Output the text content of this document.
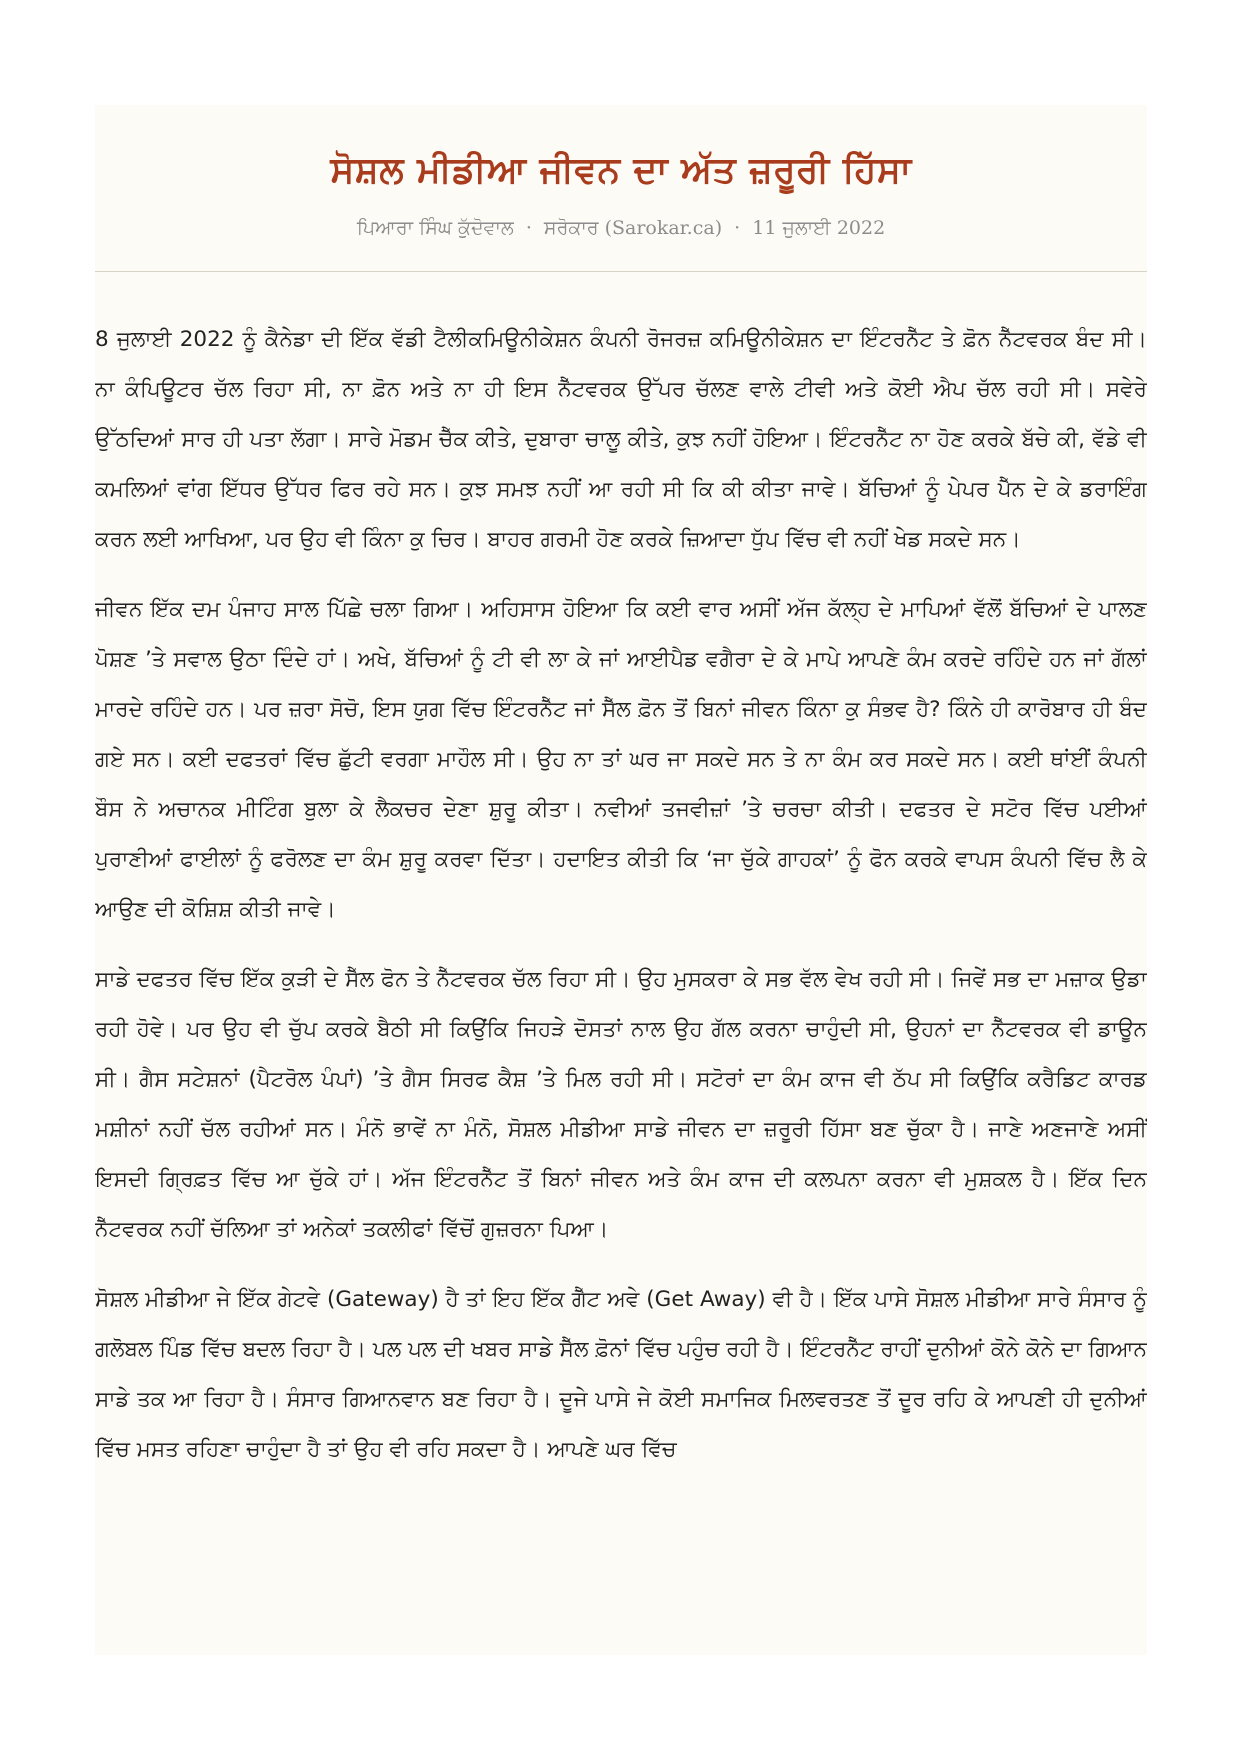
ਸੋਸ਼ਲ ਮੀਡੀਆ ਜੀਵਨ ਦਾ ਅੱਤ ਜ਼ਰੂਰੀ ਹਿੱਸਾ
ਪਿਆਰਾ ਸਿੰਘ ਕੁੱਦੋਵਾਲ · ਸਰੋਕਾਰ (Sarokar.ca) · 11 ਜੁਲਾਈ 2022

8 ਜੁਲਾਈ 2022 ਨੂੰ ਕੈਨੇਡਾ ਦੀ ਇੱਕ ਵੱਡੀ ਟੈਲੀਕਮਿਊਨੀਕੇਸ਼ਨ ਕੰਪਨੀ ਰੋਜਰਜ਼ ਕਮਿਊਨੀਕੇਸ਼ਨ ਦਾ ਇੰਟਰਨੈੱਟ ਤੇ ਫ਼ੋਨ ਨੈੱਟਵਰਕ ਬੰਦ ਸੀ। ਨਾ ਕੰਪਿਊਟਰ ਚੱਲ ਰਿਹਾ ਸੀ, ਨਾ ਫ਼ੋਨ ਅਤੇ ਨਾ ਹੀ ਇਸ ਨੈੱਟਵਰਕ ਉੱਪਰ ਚੱਲਣ ਵਾਲੇ ਟੀਵੀ ਅਤੇ ਕੋਈ ਐਪ ਚੱਲ ਰਹੀ ਸੀ। ਸਵੇਰੇ ਉੱਠਦਿਆਂ ਸਾਰ ਹੀ ਪਤਾ ਲੱਗਾ। ਸਾਰੇ ਮੋਡਮ ਚੈੱਕ ਕੀਤੇ, ਦੁਬਾਰਾ ਚਾਲੂ ਕੀਤੇ, ਕੁਝ ਨਹੀਂ ਹੋਇਆ। ਇੰਟਰਨੈੱਟ ਨਾ ਹੋਣ ਕਰਕੇ ਬੱਚੇ ਕੀ, ਵੱਡੇ ਵੀ ਕਮਲਿਆਂ ਵਾਂਗ ਇੱਧਰ ਉੱਧਰ ਫਿਰ ਰਹੇ ਸਨ। ਕੁਝ ਸਮਝ ਨਹੀਂ ਆ ਰਹੀ ਸੀ ਕਿ ਕੀ ਕੀਤਾ ਜਾਵੇ। ਬੱਚਿਆਂ ਨੂੰ ਪੇਪਰ ਪੈੱਨ ਦੇ ਕੇ ਡਰਾਇੰਗ ਕਰਨ ਲਈ ਆਖਿਆ, ਪਰ ਉਹ ਵੀ ਕਿੰਨਾ ਕੁ ਚਿਰ। ਬਾਹਰ ਗਰਮੀ ਹੋਣ ਕਰਕੇ ਜ਼ਿਆਦਾ ਧੁੱਪ ਵਿੱਚ ਵੀ ਨਹੀਂ ਖੇਡ ਸਕਦੇ ਸਨ।

ਜੀਵਨ ਇੱਕ ਦਮ ਪੰਜਾਹ ਸਾਲ ਪਿੱਛੇ ਚਲਾ ਗਿਆ। ਅਹਿਸਾਸ ਹੋਇਆ ਕਿ ਕਈ ਵਾਰ ਅਸੀਂ ਅੱਜ ਕੱਲ੍ਹ ਦੇ ਮਾਪਿਆਂ ਵੱਲੋਂ ਬੱਚਿਆਂ ਦੇ ਪਾਲਣ ਪੋਸ਼ਣ ’ਤੇ ਸਵਾਲ ਉਠਾ ਦਿੰਦੇ ਹਾਂ। ਅਖੇ, ਬੱਚਿਆਂ ਨੂੰ ਟੀ ਵੀ ਲਾ ਕੇ ਜਾਂ ਆਈਪੈਡ ਵਗੈਰਾ ਦੇ ਕੇ ਮਾਪੇ ਆਪਣੇ ਕੰਮ ਕਰਦੇ ਰਹਿੰਦੇ ਹਨ ਜਾਂ ਗੱਲਾਂ ਮਾਰਦੇ ਰਹਿੰਦੇ ਹਨ। ਪਰ ਜ਼ਰਾ ਸੋਚੋ, ਇਸ ਯੁਗ ਵਿੱਚ ਇੰਟਰਨੈੱਟ ਜਾਂ ਸੈੱਲ ਫ਼ੋਨ ਤੋਂ ਬਿਨਾਂ ਜੀਵਨ ਕਿੰਨਾ ਕੁ ਸੰਭਵ ਹੈ? ਕਿੰਨੇ ਹੀ ਕਾਰੋਬਾਰ ਹੀ ਬੰਦ ਗਏ ਸਨ। ਕਈ ਦਫਤਰਾਂ ਵਿੱਚ ਛੁੱਟੀ ਵਰਗਾ ਮਾਹੌਲ ਸੀ। ਉਹ ਨਾ ਤਾਂ ਘਰ ਜਾ ਸਕਦੇ ਸਨ ਤੇ ਨਾ ਕੰਮ ਕਰ ਸਕਦੇ ਸਨ। ਕਈ ਥਾਂਈਂ ਕੰਪਨੀ ਬੌਸ ਨੇ ਅਚਾਨਕ ਮੀਟਿੰਗ ਬੁਲਾ ਕੇ ਲੈਕਚਰ ਦੇਣਾ ਸ਼ੁਰੂ ਕੀਤਾ। ਨਵੀਆਂ ਤਜਵੀਜ਼ਾਂ ’ਤੇ ਚਰਚਾ ਕੀਤੀ। ਦਫਤਰ ਦੇ ਸਟੋਰ ਵਿੱਚ ਪਈਆਂ ਪੁਰਾਣੀਆਂ ਫਾਈਲਾਂ ਨੂੰ ਫਰੋਲਣ ਦਾ ਕੰਮ ਸ਼ੁਰੂ ਕਰਵਾ ਦਿੱਤਾ। ਹਦਾਇਤ ਕੀਤੀ ਕਿ ‘ਜਾ ਚੁੱਕੇ ਗਾਹਕਾਂ’ ਨੂੰ ਫੋਨ ਕਰਕੇ ਵਾਪਸ ਕੰਪਨੀ ਵਿੱਚ ਲੈ ਕੇ ਆਉਣ ਦੀ ਕੋਸ਼ਿਸ਼ ਕੀਤੀ ਜਾਵੇ।

ਸਾਡੇ ਦਫਤਰ ਵਿੱਚ ਇੱਕ ਕੁੜੀ ਦੇ ਸੈੱਲ ਫੋਨ ਤੇ ਨੈੱਟਵਰਕ ਚੱਲ ਰਿਹਾ ਸੀ। ਉਹ ਮੁਸਕਰਾ ਕੇ ਸਭ ਵੱਲ ਵੇਖ ਰਹੀ ਸੀ। ਜਿਵੇਂ ਸਭ ਦਾ ਮਜ਼ਾਕ ਉਡਾ ਰਹੀ ਹੋਵੇ। ਪਰ ਉਹ ਵੀ ਚੁੱਪ ਕਰਕੇ ਬੈਠੀ ਸੀ ਕਿਉਂਕਿ ਜਿਹੜੇ ਦੋਸਤਾਂ ਨਾਲ ਉਹ ਗੱਲ ਕਰਨਾ ਚਾਹੁੰਦੀ ਸੀ, ਉਹਨਾਂ ਦਾ ਨੈੱਟਵਰਕ ਵੀ ਡਾਊਨ ਸੀ। ਗੈਸ ਸਟੇਸ਼ਨਾਂ (ਪੈਟਰੋਲ ਪੰਪਾਂ) ’ਤੇ ਗੈਸ ਸਿਰਫ ਕੈਸ਼ ’ਤੇ ਮਿਲ ਰਹੀ ਸੀ। ਸਟੋਰਾਂ ਦਾ ਕੰਮ ਕਾਜ ਵੀ ਠੱਪ ਸੀ ਕਿਉਂਕਿ ਕਰੈਡਿਟ ਕਾਰਡ ਮਸ਼ੀਨਾਂ ਨਹੀਂ ਚੱਲ ਰਹੀਆਂ ਸਨ। ਮੰਨੋ ਭਾਵੇਂ ਨਾ ਮੰਨੋ, ਸੋਸ਼ਲ ਮੀਡੀਆ ਸਾਡੇ ਜੀਵਨ ਦਾ ਜ਼ਰੂਰੀ ਹਿੱਸਾ ਬਣ ਚੁੱਕਾ ਹੈ। ਜਾਣੇ ਅਣਜਾਣੇ ਅਸੀਂ ਇਸਦੀ ਗ੍ਰਿਫ਼ਤ ਵਿੱਚ ਆ ਚੁੱਕੇ ਹਾਂ। ਅੱਜ ਇੰਟਰਨੈੱਟ ਤੋਂ ਬਿਨਾਂ ਜੀਵਨ ਅਤੇ ਕੰਮ ਕਾਜ ਦੀ ਕਲਪਨਾ ਕਰਨਾ ਵੀ ਮੁਸ਼ਕਲ ਹੈ। ਇੱਕ ਦਿਨ ਨੈੱਟਵਰਕ ਨਹੀਂ ਚੱਲਿਆ ਤਾਂ ਅਨੇਕਾਂ ਤਕਲੀਫਾਂ ਵਿੱਚੋਂ ਗੁਜ਼ਰਨਾ ਪਿਆ।

ਸੋਸ਼ਲ ਮੀਡੀਆ ਜੇ ਇੱਕ ਗੇਟਵੇ (Gateway) ਹੈ ਤਾਂ ਇਹ ਇੱਕ ਗੈੱਟ ਅਵੇ (Get Away) ਵੀ ਹੈ। ਇੱਕ ਪਾਸੇ ਸੋਸ਼ਲ ਮੀਡੀਆ ਸਾਰੇ ਸੰਸਾਰ ਨੂੰ ਗਲੋਬਲ ਪਿੰਡ ਵਿੱਚ ਬਦਲ ਰਿਹਾ ਹੈ। ਪਲ ਪਲ ਦੀ ਖਬਰ ਸਾਡੇ ਸੈੱਲ ਫ਼ੋਨਾਂ ਵਿੱਚ ਪਹੁੰਚ ਰਹੀ ਹੈ। ਇੰਟਰਨੈੱਟ ਰਾਹੀਂ ਦੁਨੀਆਂ ਕੋਨੇ ਕੋਨੇ ਦਾ ਗਿਆਨ ਸਾਡੇ ਤਕ ਆ ਰਿਹਾ ਹੈ। ਸੰਸਾਰ ਗਿਆਨਵਾਨ ਬਣ ਰਿਹਾ ਹੈ। ਦੂਜੇ ਪਾਸੇ ਜੇ ਕੋਈ ਸਮਾਜਿਕ ਮਿਲਵਰਤਣ ਤੋਂ ਦੂਰ ਰਹਿ ਕੇ ਆਪਣੀ ਹੀ ਦੁਨੀਆਂ ਵਿੱਚ ਮਸਤ ਰਹਿਣਾ ਚਾਹੁੰਦਾ ਹੈ ਤਾਂ ਉਹ ਵੀ ਰਹਿ ਸਕਦਾ ਹੈ। ਆਪਣੇ ਘਰ ਵਿੱਚ
